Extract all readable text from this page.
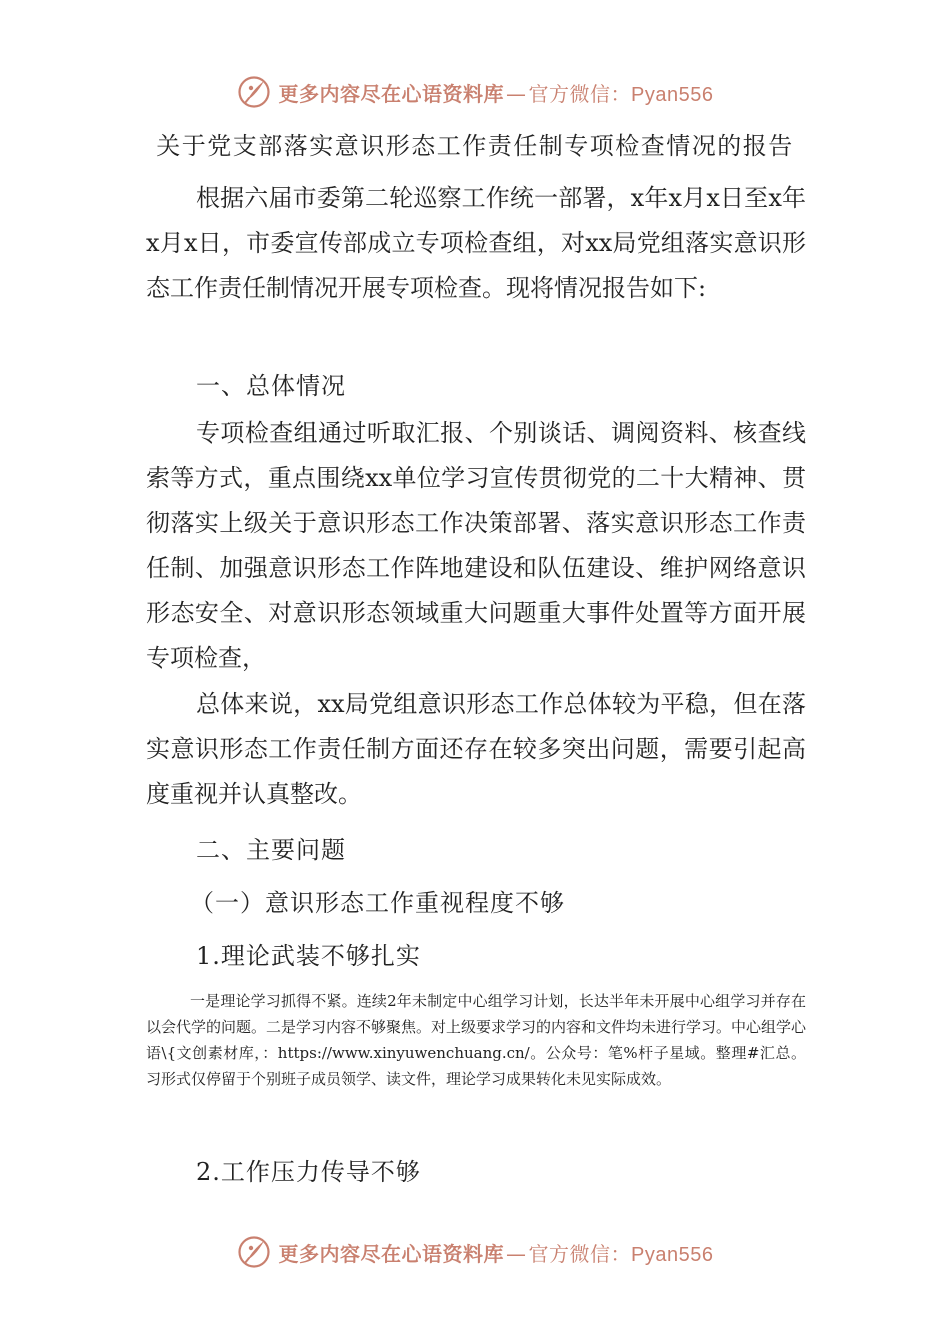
更多内容尽在心语资料库 — 官方微信：Pyan556
关于党支部落实意识形态工作责任制专项检查情况的报告

根据六届市委第二轮巡察工作统一部署，x年x月x日至x年x月x日，市委宣传部成立专项检查组，对xx局党组落实意识形态工作责任制情况开展专项检查。现将情况报告如下:

一、总体情况

专项检查组通过听取汇报、个别谈话、调阅资料、核查线索等方式，重点围绕xx单位学习宣传贯彻党的二十大精神、贯彻落实上级关于意识形态工作决策部署、落实意识形态工作责任制、加强意识形态工作阵地建设和队伍建设、维护网络意识形态安全、对意识形态领域重大问题重大事件处置等方面开展专项检查，

总体来说，xx局党组意识形态工作总体较为平稳，但在落实意识形态工作责任制方面还存在较多突出问题，需要引起高度重视并认真整改。

二、主要问题
（一）意识形态工作重视程度不够
1.理论武装不够扎实

一是理论学习抓得不紧。连续2年未制定中心组学习计划，长达半年未开展中心组学习并存在以会代学的问题。二是学习内容不够聚焦。对上级要求学习的内容和文件均未进行学习。中心组学心语\{文创素材库，：https://www.xinyuwenchuang.cn/。公众号：笔%杆子星域。整理#汇总。习形式仅停留于个别班子成员领学、读文件，理论学习成果转化未见实际成效。

2.工作压力传导不够
更多内容尽在心语资料库 — 官方微信：Pyan556
